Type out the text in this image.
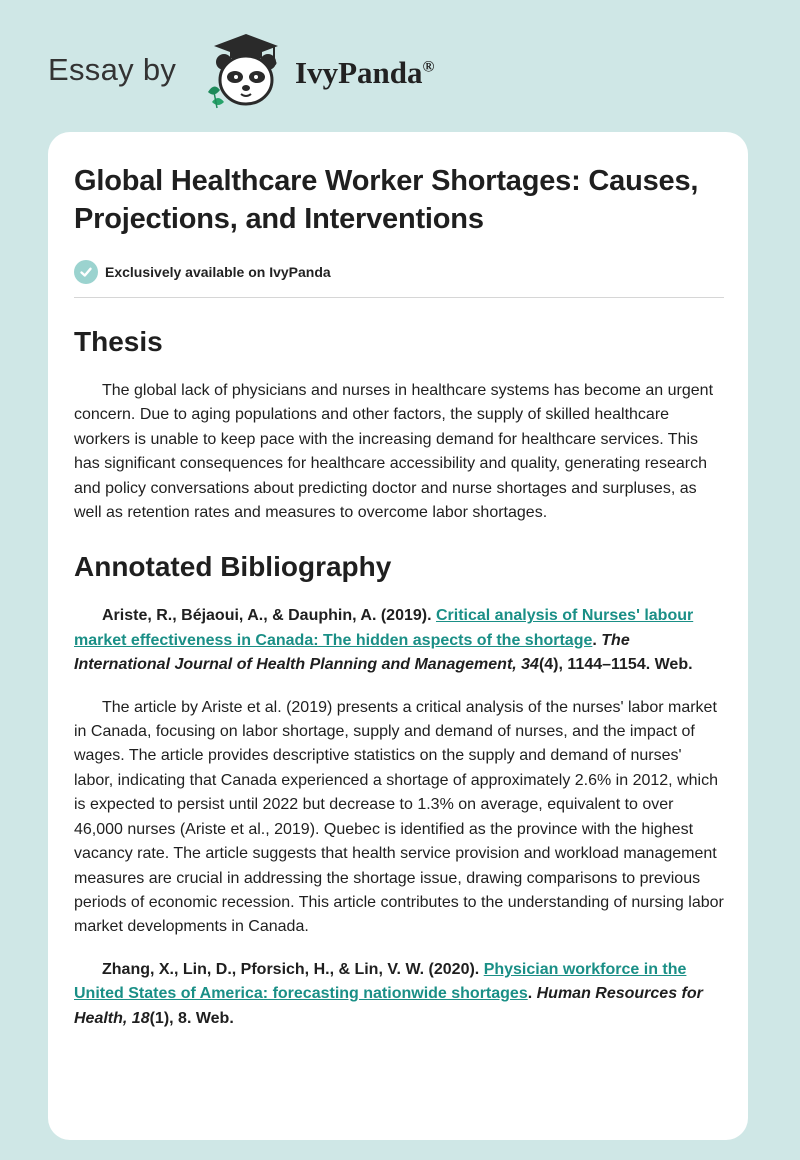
Essay by	IvyPanda®
Global Healthcare Worker Shortages: Causes, Projections, and Interventions
Exclusively available on IvyPanda
Thesis

The global lack of physicians and nurses in healthcare systems has become an urgent concern. Due to aging populations and other factors, the supply of skilled healthcare workers is unable to keep pace with the increasing demand for healthcare services. This has significant consequences for healthcare accessibility and quality, generating research and policy conversations about predicting doctor and nurse shortages and surpluses, as well as retention rates and measures to overcome labor shortages.

Annotated Bibliography

Ariste, R., Béjaoui, A., & Dauphin, A. (2019). Critical analysis of Nurses' labour market effectiveness in Canada: The hidden aspects of the shortage. The International Journal of Health Planning and Management, 34(4), 1144–1154. Web.

The article by Ariste et al. (2019) presents a critical analysis of the nurses' labor market in Canada, focusing on labor shortage, supply and demand of nurses, and the impact of wages. The article provides descriptive statistics on the supply and demand of nurses' labor, indicating that Canada experienced a shortage of approximately 2.6% in 2012, which is expected to persist until 2022 but decrease to 1.3% on average, equivalent to over 46,000 nurses (Ariste et al., 2019). Quebec is identified as the province with the highest vacancy rate. The article suggests that health service provision and workload management measures are crucial in addressing the shortage issue, drawing comparisons to previous periods of economic recession. This article contributes to the understanding of nursing labor market developments in Canada.

Zhang, X., Lin, D., Pforsich, H., & Lin, V. W. (2020). Physician workforce in the United States of America: forecasting nationwide shortages. Human Resources for Health, 18(1), 8. Web.
